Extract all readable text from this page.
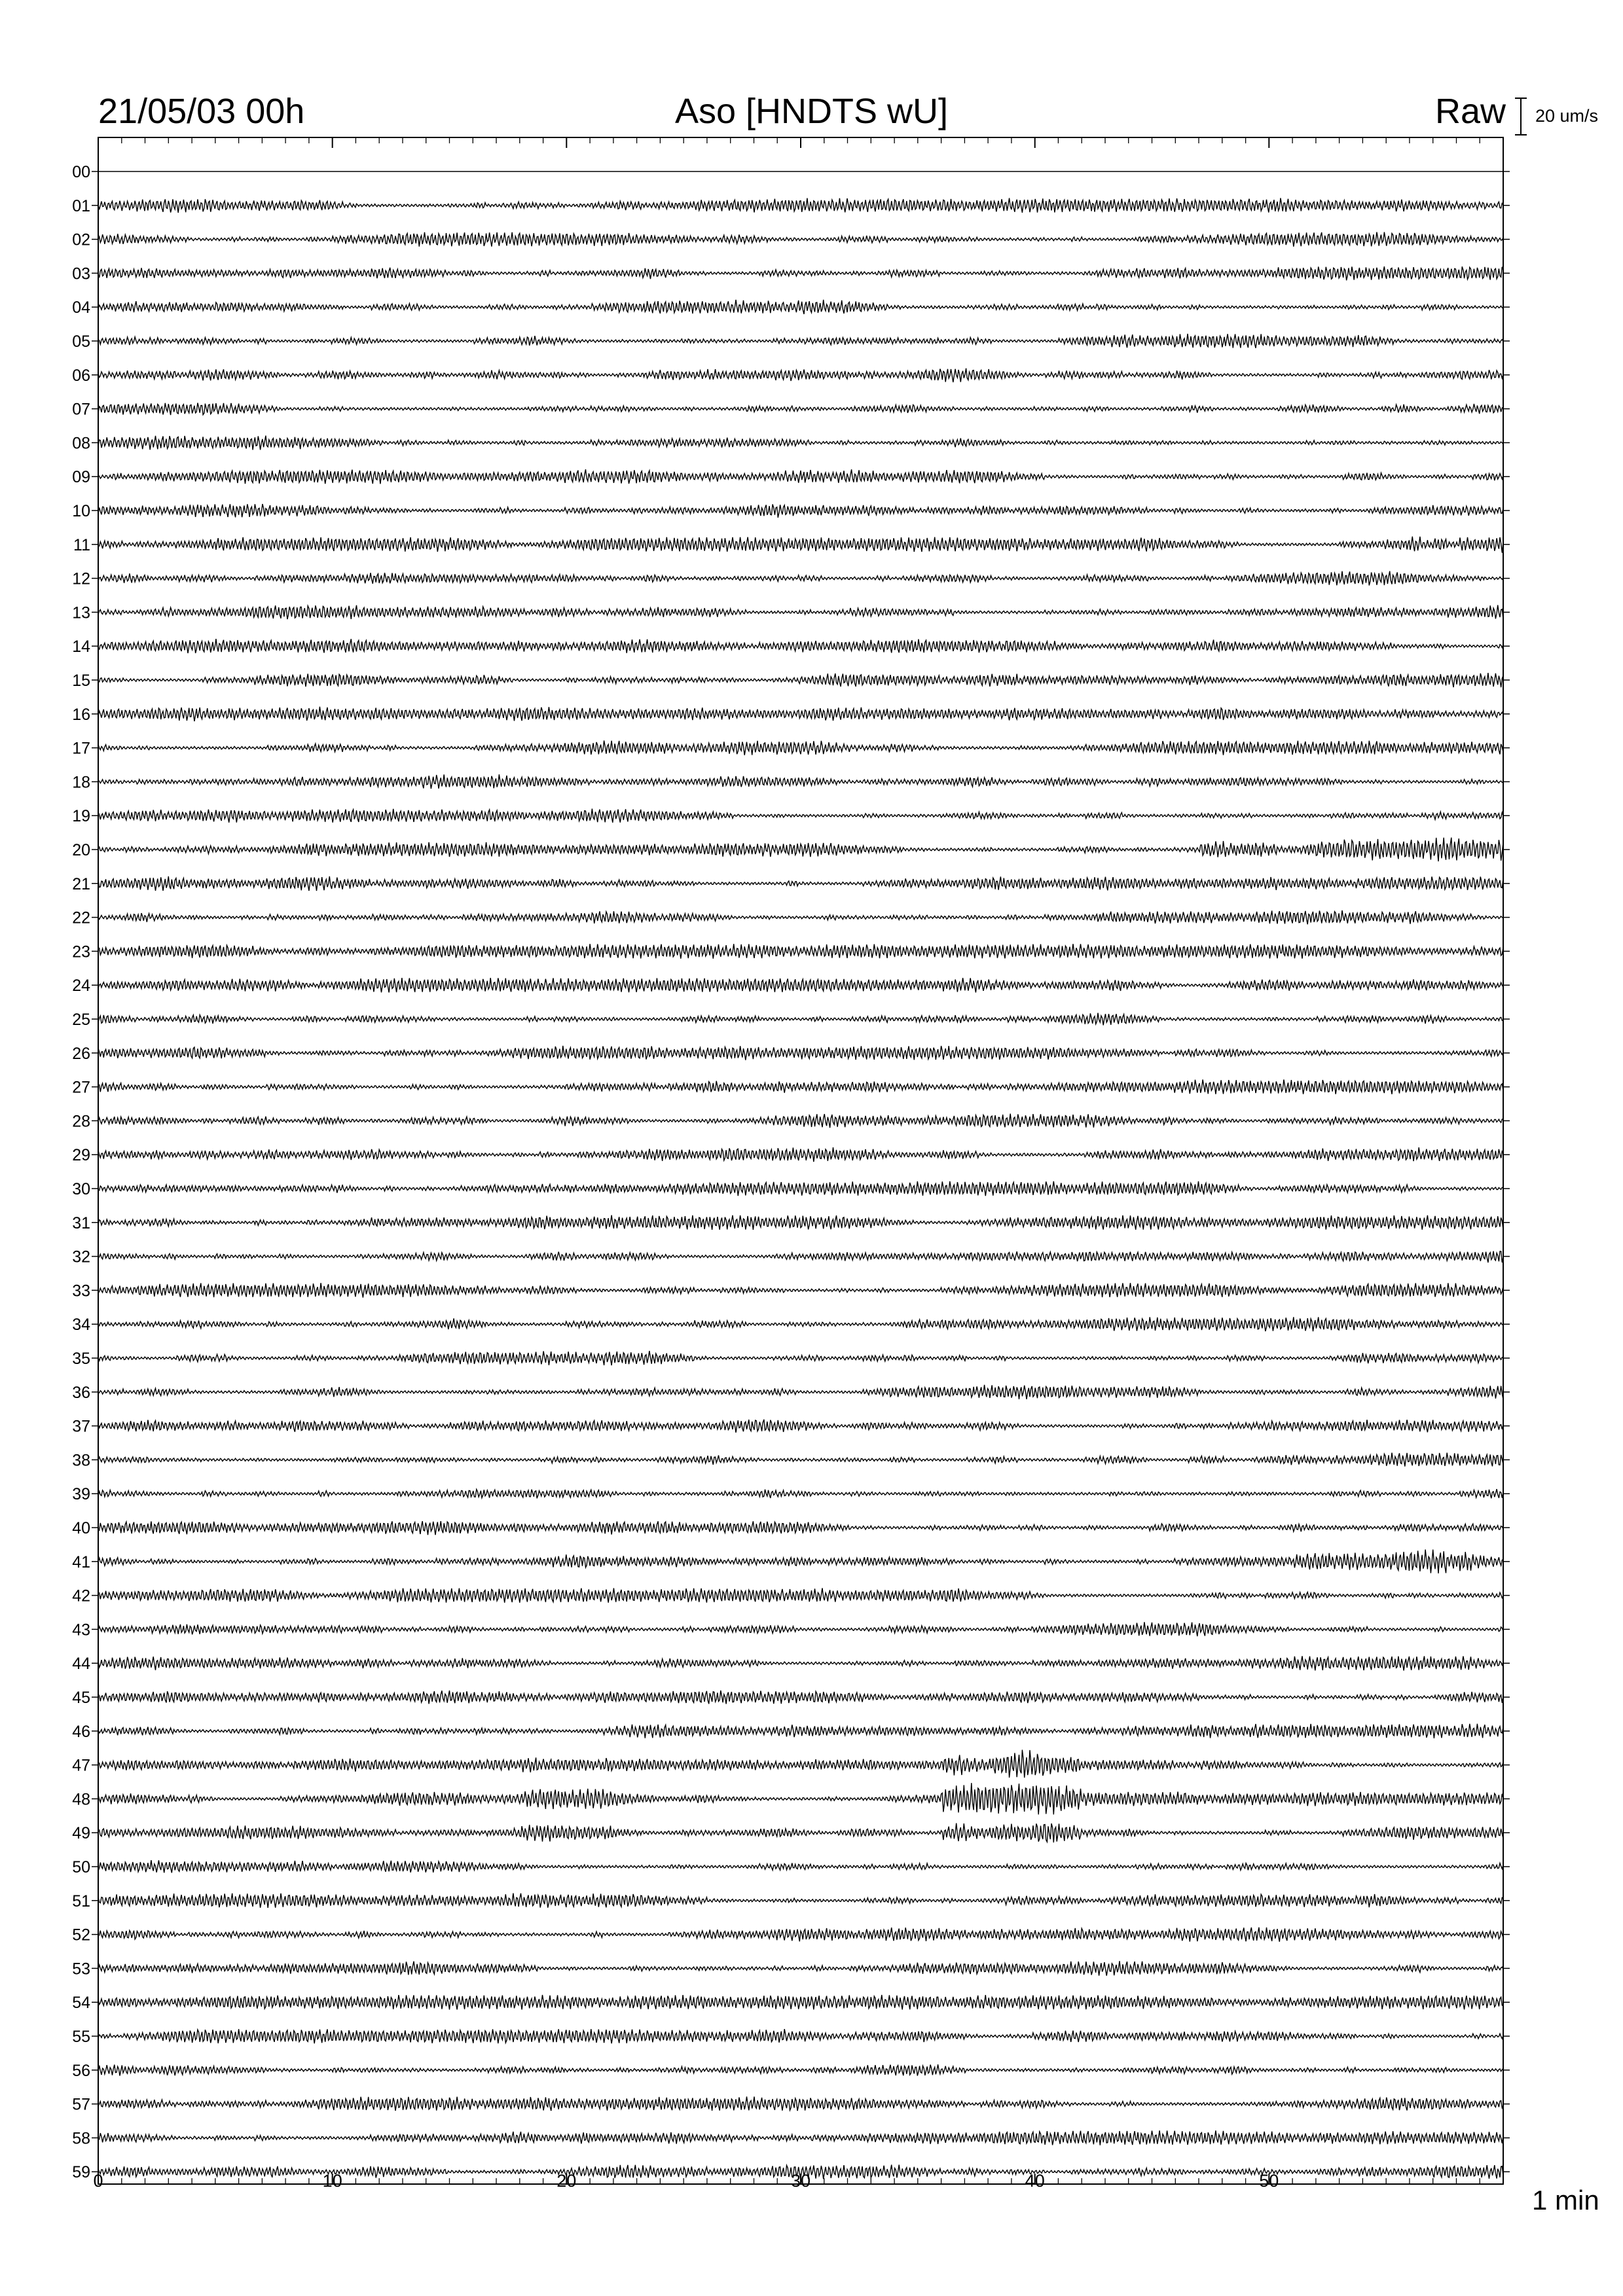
00
01
02
03
04
05
06
07
08
09
10
11
12
13
14
15
16
17
18
19
20
21
22
23
24
25
26
27
28
29
30
31
32
33
34
35
36
37
38
39
40
41
42
43
44
45
46
47
48
49
50
51
52
53
54
55
56
57
58
59 0	10	20	30	40	50
21/05/03 00h	Aso [HNDTS wU]	Raw 20 um/s
1 min
